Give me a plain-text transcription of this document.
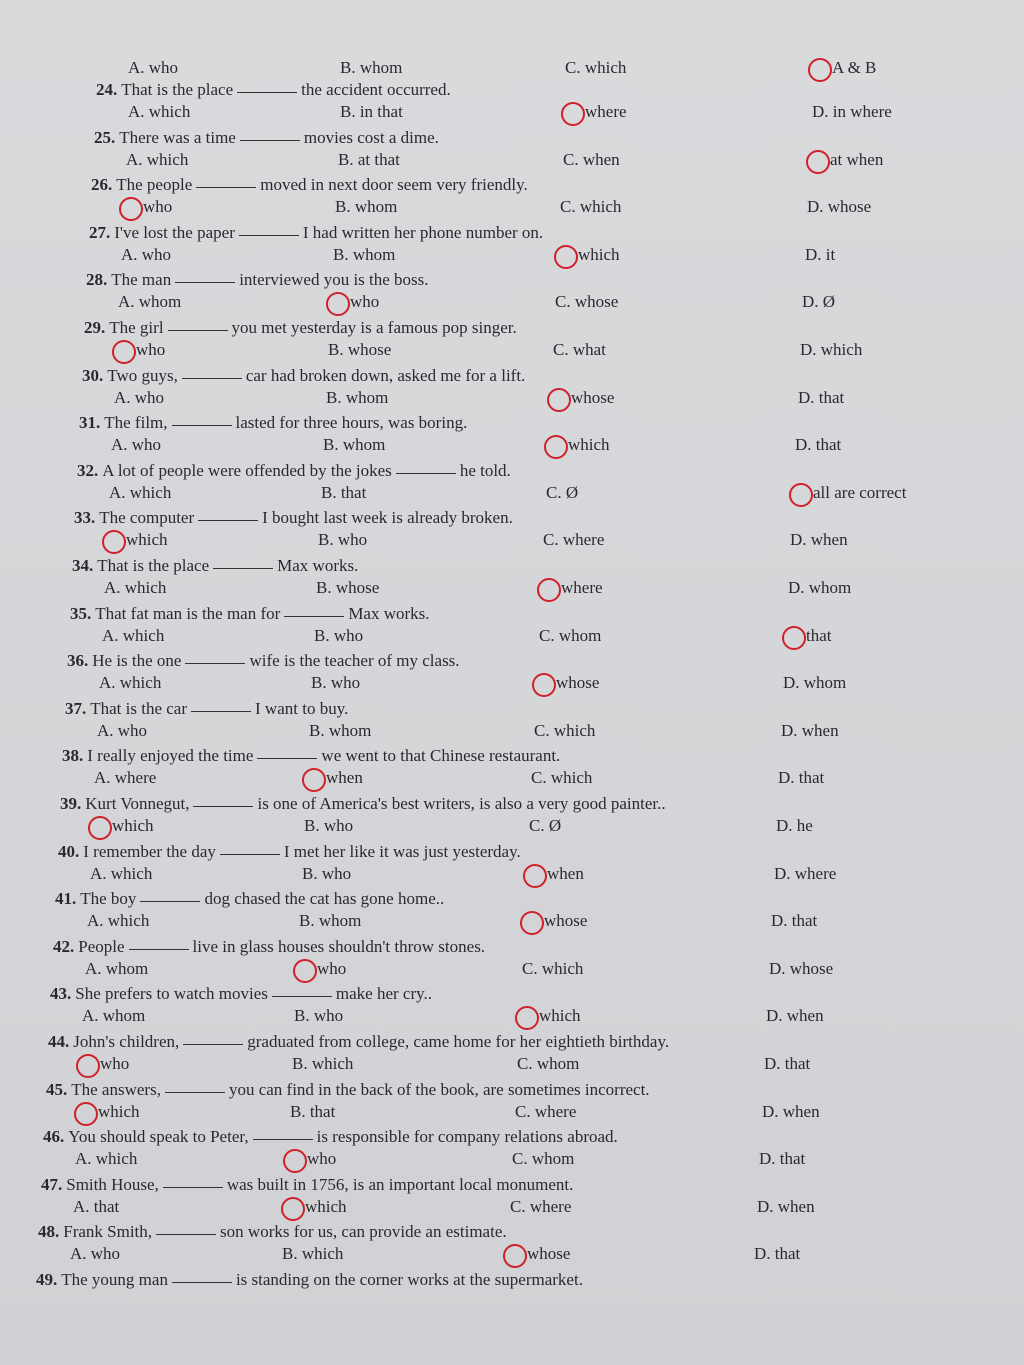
A. who	B. whom	C. which	A & B
24. That is the place	the accident occurred.
A. which	B. in that	where	D. in where
25. There was a time	movies cost a dime.
A. which	B. at that	C. when	at when
26. The people	moved in next door seem very friendly.
who	B. whom	C. which	D. whose
27. I've lost the paper	I had written her phone number on.
A. who	B. whom	which	D. it
28. The man	interviewed you is the boss.
A. whom	who	C. whose	D. Ø
29. The girl	you met yesterday is a famous pop singer.
who	B. whose	C. what	D. which
30. Two guys,	car had broken down, asked me for a lift.
A. who	B. whom	whose	D. that
31. The film,	lasted for three hours, was boring.
A. who	B. whom	which	D. that
32. A lot of people were offended by the jokes	he told.
A. which	B. that	C. Ø	all are correct
33. The computer	I bought last week is already broken.
which	B. who	C. where	D. when
34. That is the place	Max works.
A. which	B. whose	where	D. whom
35. That fat man is the man for	Max works.
A. which	B. who	C. whom	that
36. He is the one	wife is the teacher of my class.
A. which	B. who	whose	D. whom
37. That is the car	I want to buy.
A. who	B. whom	C. which	D. when
38. I really enjoyed the time	we went to that Chinese restaurant.
A. where	when	C. which	D. that
39. Kurt Vonnegut,	is one of America's best writers, is also a very good painter..
which	B. who	C. Ø	D. he
40. I remember the day	I met her like it was just yesterday.
A. which	B. who	when	D. where
41. The boy	dog chased the cat has gone home..
A. which	B. whom	whose	D. that
42. People	live in glass houses shouldn't throw stones.
A. whom	who	C. which	D. whose
43. She prefers to watch movies	make her cry..
A. whom	B. who	which	D. when
44. John's children,	graduated from college, came home for her eightieth birthday.
who	B. which	C. whom	D. that
45. The answers,	you can find in the back of the book, are sometimes incorrect.
which	B. that	C. where	D. when
46. You should speak to Peter,	is responsible for company relations abroad.
A. which	who	C. whom	D. that
47. Smith House,	was built in 1756, is an important local monument.
A. that	which	C. where	D. when
48. Frank Smith,	son works for us, can provide an estimate.
A. who	B. which	whose	D. that
49. The young man	is standing on the corner works at the supermarket.
